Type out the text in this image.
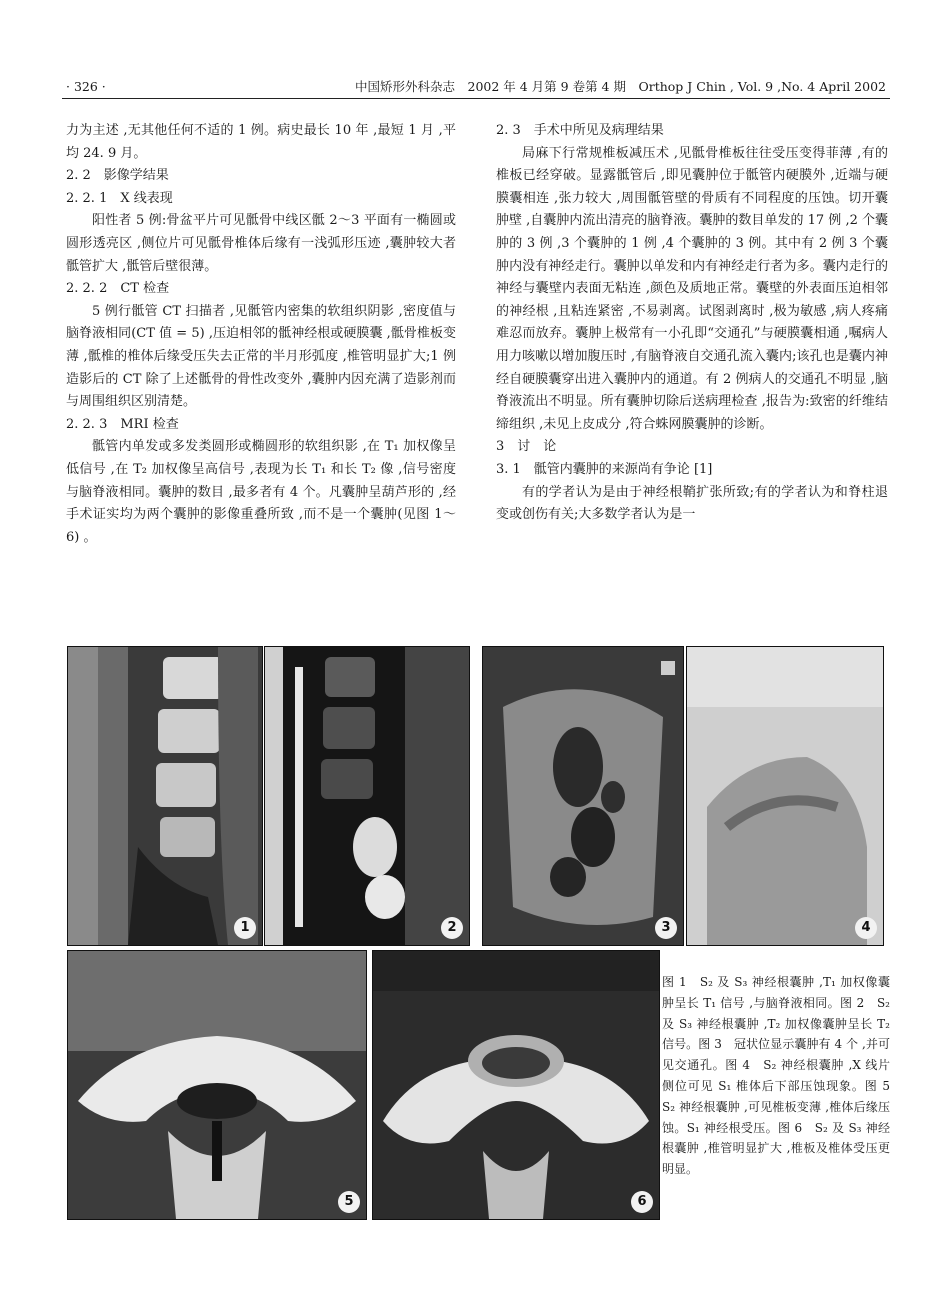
· 326 ·	中国矫形外科杂志　2002 年 4 月第 9 卷第 4 期　Orthop J Chin , Vol. 9 ,No. 4 April 2002

力为主述 ,无其他任何不适的 1 例。病史最长 10 年 ,最短 1 月 ,平均 24. 9 月。

2. 2　影像学结果
2. 2. 1　X 线表现

阳性者 5 例:骨盆平片可见骶骨中线区骶 2～3 平面有一椭圆或圆形透亮区 ,侧位片可见骶骨椎体后缘有一浅弧形压迹 ,囊肿较大者骶管扩大 ,骶管后壁很薄。

2. 2. 2　CT 检查

5 例行骶管 CT 扫描者 ,见骶管内密集的软组织阴影 ,密度值与脑脊液相同(CT 值 = 5) ,压迫相邻的骶神经根或硬膜囊 ,骶骨椎板变薄 ,骶椎的椎体后缘受压失去正常的半月形弧度 ,椎管明显扩大;1 例造影后的 CT 除了上述骶骨的骨性改变外 ,囊肿内因充满了造影剂而与周围组织区别清楚。

2. 2. 3　MRI 检查

骶管内单发或多发类圆形或椭圆形的软组织影 ,在 T₁ 加权像呈低信号 ,在 T₂ 加权像呈高信号 ,表现为长 T₁ 和长 T₂ 像 ,信号密度与脑脊液相同。囊肿的数目 ,最多者有 4 个。凡囊肿呈葫芦形的 ,经手术证实均为两个囊肿的影像重叠所致 ,而不是一个囊肿(见图 1～6) 。

2. 3　手术中所见及病理结果

局麻下行常规椎板减压术 ,见骶骨椎板往往受压变得菲薄 ,有的椎板已经穿破。显露骶管后 ,即见囊肿位于骶管内硬膜外 ,近端与硬膜囊相连 ,张力较大 ,周围骶管壁的骨质有不同程度的压蚀。切开囊肿壁 ,自囊肿内流出清亮的脑脊液。囊肿的数目单发的 17 例 ,2 个囊肿的 3 例 ,3 个囊肿的 1 例 ,4 个囊肿的 3 例。其中有 2 例 3 个囊肿内没有神经走行。囊肿以单发和内有神经走行者为多。囊内走行的神经与囊壁内表面无粘连 ,颜色及质地正常。囊壁的外表面压迫相邻的神经根 ,且粘连紧密 ,不易剥离。试图剥离时 ,极为敏感 ,病人疼痛难忍而放弃。囊肿上极常有一小孔即“交通孔”与硬膜囊相通 ,嘱病人用力咳嗽以增加腹压时 ,有脑脊液自交通孔流入囊内;该孔也是囊内神经自硬膜囊穿出进入囊肿内的通道。有 2 例病人的交通孔不明显 ,脑脊液流出不明显。所有囊肿切除后送病理检查 ,报告为:致密的纤维结缔组织 ,未见上皮成分 ,符合蛛网膜囊肿的诊断。

3　讨　论
3. 1　骶管内囊肿的来源尚有争论 [1]

有的学者认为是由于神经根鞘扩张所致;有的学者认为和脊柱退变或创伤有关;大多数学者认为是一

1	2	3	4
5	6
图 1　S₂ 及 S₃ 神经根囊肿 ,T₁ 加权像囊肿呈长 T₁ 信号 ,与脑脊液相同。图 2　S₂ 及 S₃ 神经根囊肿 ,T₂ 加权像囊肿呈长 T₂ 信号。图 3　冠状位显示囊肿有 4 个 ,并可见交通孔。图 4　S₂ 神经根囊肿 ,X 线片侧位可见 S₁ 椎体后下部压蚀现象。图 5　S₂ 神经根囊肿 ,可见椎板变薄 ,椎体后缘压蚀。S₁ 神经根受压。图 6　S₂ 及 S₃ 神经根囊肿 ,椎管明显扩大 ,椎板及椎体受压更明显。
